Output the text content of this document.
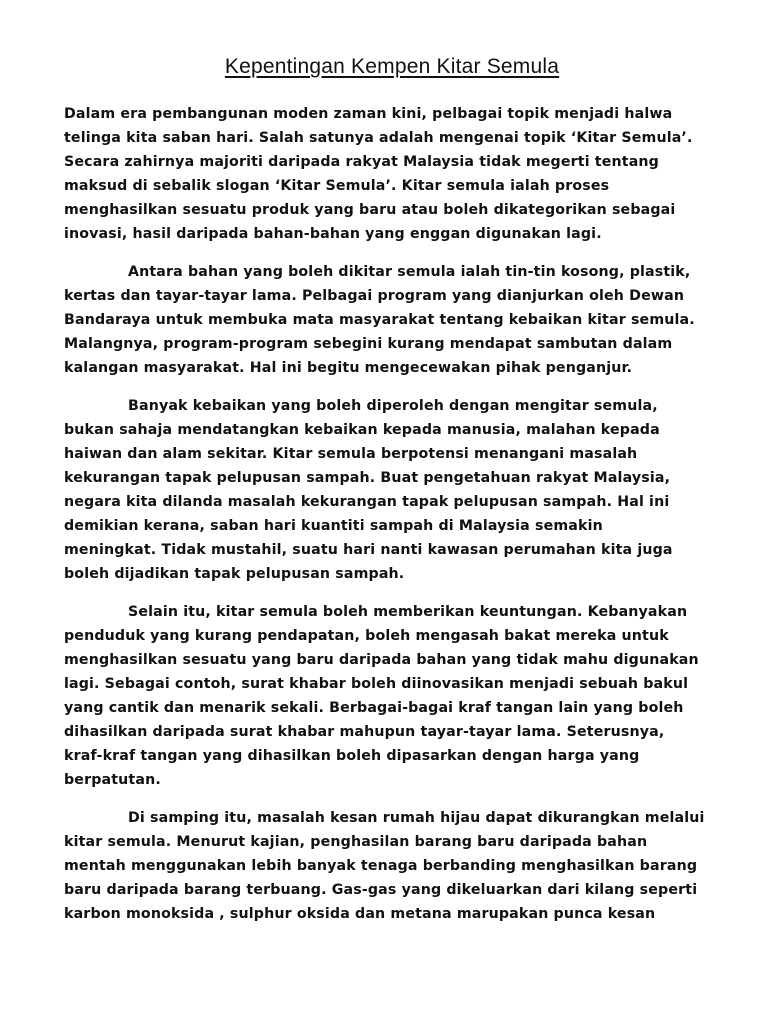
Kepentingan Kempen Kitar Semula
Dalam era pembangunan moden zaman kini, pelbagai topik menjadi halwa
telinga kita saban hari. Salah satunya adalah mengenai topik ‘Kitar Semula’.
Secara zahirnya majoriti daripada rakyat Malaysia tidak megerti tentang
maksud di sebalik slogan ‘Kitar Semula’. Kitar semula ialah proses
menghasilkan sesuatu produk yang baru atau boleh dikategorikan sebagai
inovasi, hasil daripada bahan-bahan yang enggan digunakan lagi.
Antara bahan yang boleh dikitar semula ialah tin-tin kosong, plastik,
kertas dan tayar-tayar lama. Pelbagai program yang dianjurkan oleh Dewan
Bandaraya untuk membuka mata masyarakat tentang kebaikan kitar semula.
Malangnya, program-program sebegini kurang mendapat sambutan dalam
kalangan masyarakat. Hal ini begitu mengecewakan pihak penganjur.
Banyak kebaikan yang boleh diperoleh dengan mengitar semula,
bukan sahaja mendatangkan kebaikan kepada manusia, malahan kepada
haiwan dan alam sekitar. Kitar semula berpotensi menangani masalah
kekurangan tapak pelupusan sampah. Buat pengetahuan rakyat Malaysia,
negara kita dilanda masalah kekurangan tapak pelupusan sampah. Hal ini
demikian kerana, saban hari kuantiti sampah di Malaysia semakin
meningkat. Tidak mustahil, suatu hari nanti kawasan perumahan kita juga
boleh dijadikan tapak pelupusan sampah.
Selain itu, kitar semula boleh memberikan keuntungan. Kebanyakan
penduduk yang kurang pendapatan, boleh mengasah bakat mereka untuk
menghasilkan sesuatu yang baru daripada bahan yang tidak mahu digunakan
lagi. Sebagai contoh, surat khabar boleh diinovasikan menjadi sebuah bakul
yang cantik dan menarik sekali. Berbagai-bagai kraf tangan lain yang boleh
dihasilkan daripada surat khabar mahupun tayar-tayar lama. Seterusnya,
kraf-kraf tangan yang dihasilkan boleh dipasarkan dengan harga yang
berpatutan.
Di samping itu, masalah kesan rumah hijau dapat dikurangkan melalui
kitar semula. Menurut kajian, penghasilan barang baru daripada bahan
mentah menggunakan lebih banyak tenaga berbanding menghasilkan barang
baru daripada barang terbuang. Gas-gas yang dikeluarkan dari kilang seperti
karbon monoksida , sulphur oksida dan metana marupakan punca kesan
